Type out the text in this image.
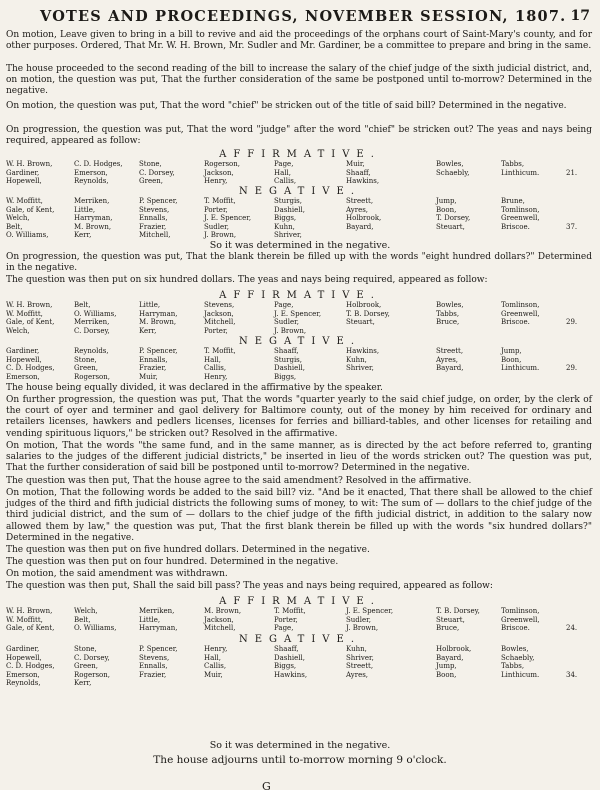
VOTES AND PROCEEDINGS, NOVEMBER SESSION, 1807. 17
On motion, Leave given to bring in a bill to revive and aid the proceedings of the orphans court of Saint-Mary's county, and for other purposes. Ordered, That Mr. W. H. Brown, Mr. Sudler and Mr. Gardiner, be a committee to prepare and bring in the same.
The house proceeded to the second reading of the bill to increase the salary of the chief judge of the sixth judicial district, and, on motion, the question was put, That the further consideration of the same be postponed until to-morrow? Determined in the negative.
On motion, the question was put, That the word "chief" be stricken out of the title of said bill? Determined in the negative.
On progression, the question was put, That the word "judge" after the word "chief" be stricken out? The yeas and nays being required, appeared as follow:
AFFIRMATIVE.
W. H. Brown,	C. D. Hodges, Stone,	Rogerson,	Page,	Muir,	Bowles,	Tabbs,
Gardiner,	Emerson,	C. Dorsey,	Jackson,	Hall,	Shaaff,	Schaebly,	Linthicum.	21.
Hopewell,	Reynolds,	Green,	Henry,	Callis,	Hawkins,
NEGATIVE.
W. Moffitt,	Merriken,	P. Spencer,	T. Moffit,	Sturgis,	Streett,	Jump,	Brune,
Gale, of Kent,	Little,	Stevens,	Porter,	Dashiell,	Ayres,	Boon,	Tomlinson,
Welch,	Harryman,	Ennalls,	J. E. Spencer,	Biggs,	Holbrook,	T. Dorsey,	Greenwell,
Belt,	M. Brown,	Frazier,	Sudler,	Kuhn,	Bayard,	Steuart,	Briscoe.	37.
O. Williams,	Kerr,	Mitchell,	J. Brown,	Shriver,
So it was determined in the negative.
On progression, the question was put, That the blank therein be filled up with the words "eight hundred dollars?" Determined in the negative.
The question was then put on six hundred dollars. The yeas and nays being required, appeared as follow:
AFFIRMATIVE.
W. H. Brown,	Belt,	Little,	Stevens,	Page,	Holbrook,	Bowles,	Tomlinson,
W. Moffitt,	O. Williams,	Harryman,	Jackson,	J. E. Spencer,	T. B. Dorsey,	Tabbs,	Greenwell,
Gale, of Kent,	Merriken,	M. Brown,	Mitchell,	Sudler,	Steuart,	Bruce,	Briscoe.	29.
Welch,	C. Dorsey,	Kerr,	Porter,	J. Brown,
NEGATIVE.
Gardiner,	Reynolds,	P. Spencer,	T. Moffit,	Shaaff,	Hawkins,	Streett,	Jump,
Hopewell,	Stone,	Ennalls,	Hall,	Sturgis,	Kuhn,	Ayres,	Boon,
C. D. Hodges,	Green,	Frazier,	Callis,	Dashiell,	Shriver,	Bayard,	Linthicum.	29.
Emerson,	Rogerson,	Muir,	Henry,	Biggs,
The house being equally divided, it was declared in the affirmative by the speaker.
On further progression, the question was put, That the words "quarter yearly to the said chief judge, on order, by the clerk of the court of oyer and terminer and gaol delivery for Baltimore county, out of the money by him received for ordinary and retailers licenses, hawkers and pedlers licenses, licenses for ferries and billiard-tables, and other licenses for retailing and vending spirituous liquors," be stricken out? Resolved in the affirmative.
On motion, That the words "the same fund, and in the same manner, as is directed by the act before referred to, granting salaries to the judges of the different judicial districts," be inserted in lieu of the words stricken out? The question was put, That the further consideration of said bill be postponed until to-morrow? Determined in the negative.
The question was then put, That the house agree to the said amendment? Resolved in the affirmative.
On motion, That the following words be added to the said bill? viz. "And be it enacted, That there shall be allowed to the chief judges of the third and fifth judicial districts the following sums of money, to wit: The sum of — dollars to the chief judge of the third judicial district, and the sum of — dollars to the chief judge of the fifth judicial district, in addition to the salary now allowed them by law," the question was put, That the first blank therein be filled up with the words "six hundred dollars?" Determined in the negative.
The question was then put on five hundred dollars. Determined in the negative.
The question was then put on four hundred. Determined in the negative.
On motion, the said amendment was withdrawn.
The question was then put, Shall the said bill pass? The yeas and nays being required, appeared as follow:
AFFIRMATIVE.
W. H. Brown,	Welch,	Merriken,	M. Brown,	T. Moffit,	J. E. Spencer,	T. B. Dorsey,	Tomlinson,
W. Moffitt,	Belt,	Little,	Jackson,	Porter,	Sudler,	Steuart,	Greenwell,
Gale, of Kent,	O. Williams,	Harryman,	Mitchell,	Page,	J. Brown,	Bruce,	Briscoe.	24.
NEGATIVE.
Gardiner,	Stone,	P. Spencer,	Henry,	Shaaff,	Kuhn,	Holbrook,	Bowles,
Hopewell,	C. Dorsey,	Stevens,	Hall,	Dashiell,	Shriver,	Bayard,	Schaebly,
C. D. Hodges,	Green,	Ennalls,	Callis,	Biggs,	Streett,	Jump,	Tabbs,
Emerson,	Rogerson,	Frazier,	Muir,	Hawkins,	Ayres,	Boon,	Linthicum.	34.
Reynolds,	Kerr,
So it was determined in the negative.
The house adjourns until to-morrow morning 9 o'clock.
G
